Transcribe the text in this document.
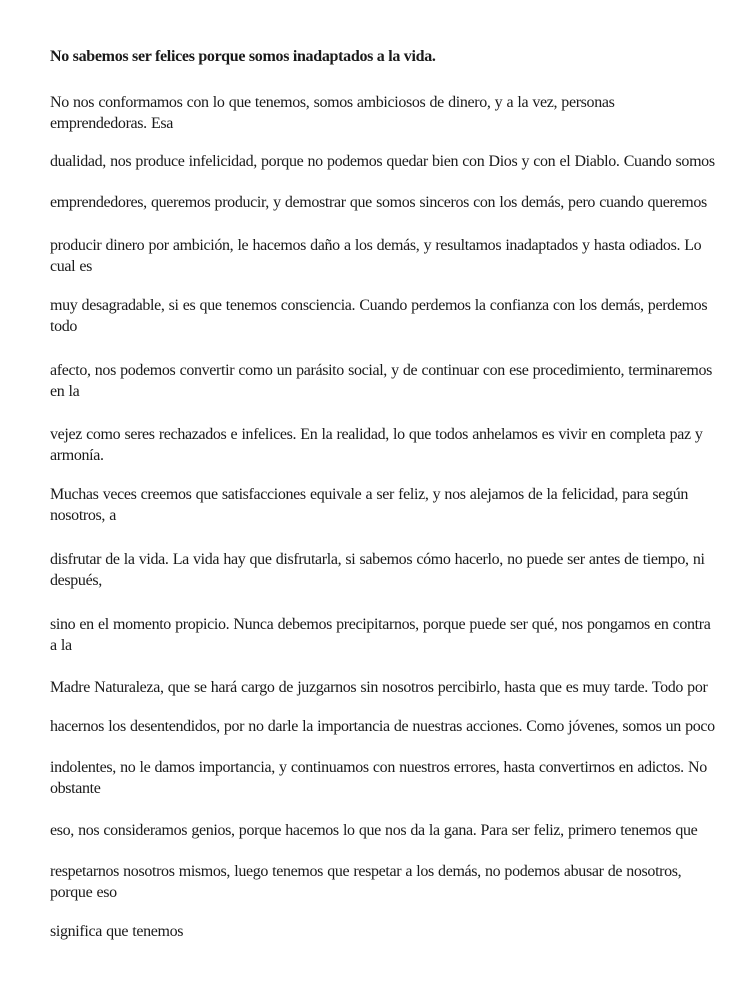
No sabemos ser felices porque somos inadaptados a la vida.
No nos conformamos con lo que tenemos, somos ambiciosos de dinero, y a la vez, personas emprendedoras. Esa
dualidad, nos produce infelicidad, porque no podemos quedar bien con Dios y con el Diablo. Cuando somos
emprendedores, queremos producir, y demostrar que somos sinceros con los demás, pero cuando queremos
producir dinero por ambición, le hacemos daño a los demás, y resultamos inadaptados y hasta odiados. Lo cual es
muy desagradable, si es que tenemos consciencia. Cuando perdemos la confianza con los demás, perdemos todo
afecto, nos podemos convertir como un parásito social, y de continuar con ese procedimiento, terminaremos en la
vejez como seres rechazados e infelices. En la realidad, lo que todos anhelamos es vivir en completa paz y armonía.
Muchas veces creemos que satisfacciones equivale a ser feliz, y nos alejamos de la felicidad, para según nosotros, a
disfrutar de la vida. La vida hay que disfrutarla, si sabemos cómo hacerlo, no puede ser antes de tiempo, ni después,
sino en el momento propicio. Nunca debemos precipitarnos, porque puede ser qué, nos pongamos en contra a la
Madre Naturaleza, que se hará cargo de juzgarnos sin nosotros percibirlo, hasta que es muy tarde. Todo por
hacernos los desentendidos, por no darle la importancia de nuestras acciones. Como jóvenes, somos un poco
indolentes, no le damos importancia, y continuamos con nuestros errores, hasta convertirnos en adictos. No obstante
eso, nos consideramos genios, porque hacemos lo que nos da la gana. Para ser feliz, primero tenemos que
respetarnos nosotros mismos, luego tenemos que respetar a los demás, no podemos abusar de nosotros, porque eso
significa que tenemos
